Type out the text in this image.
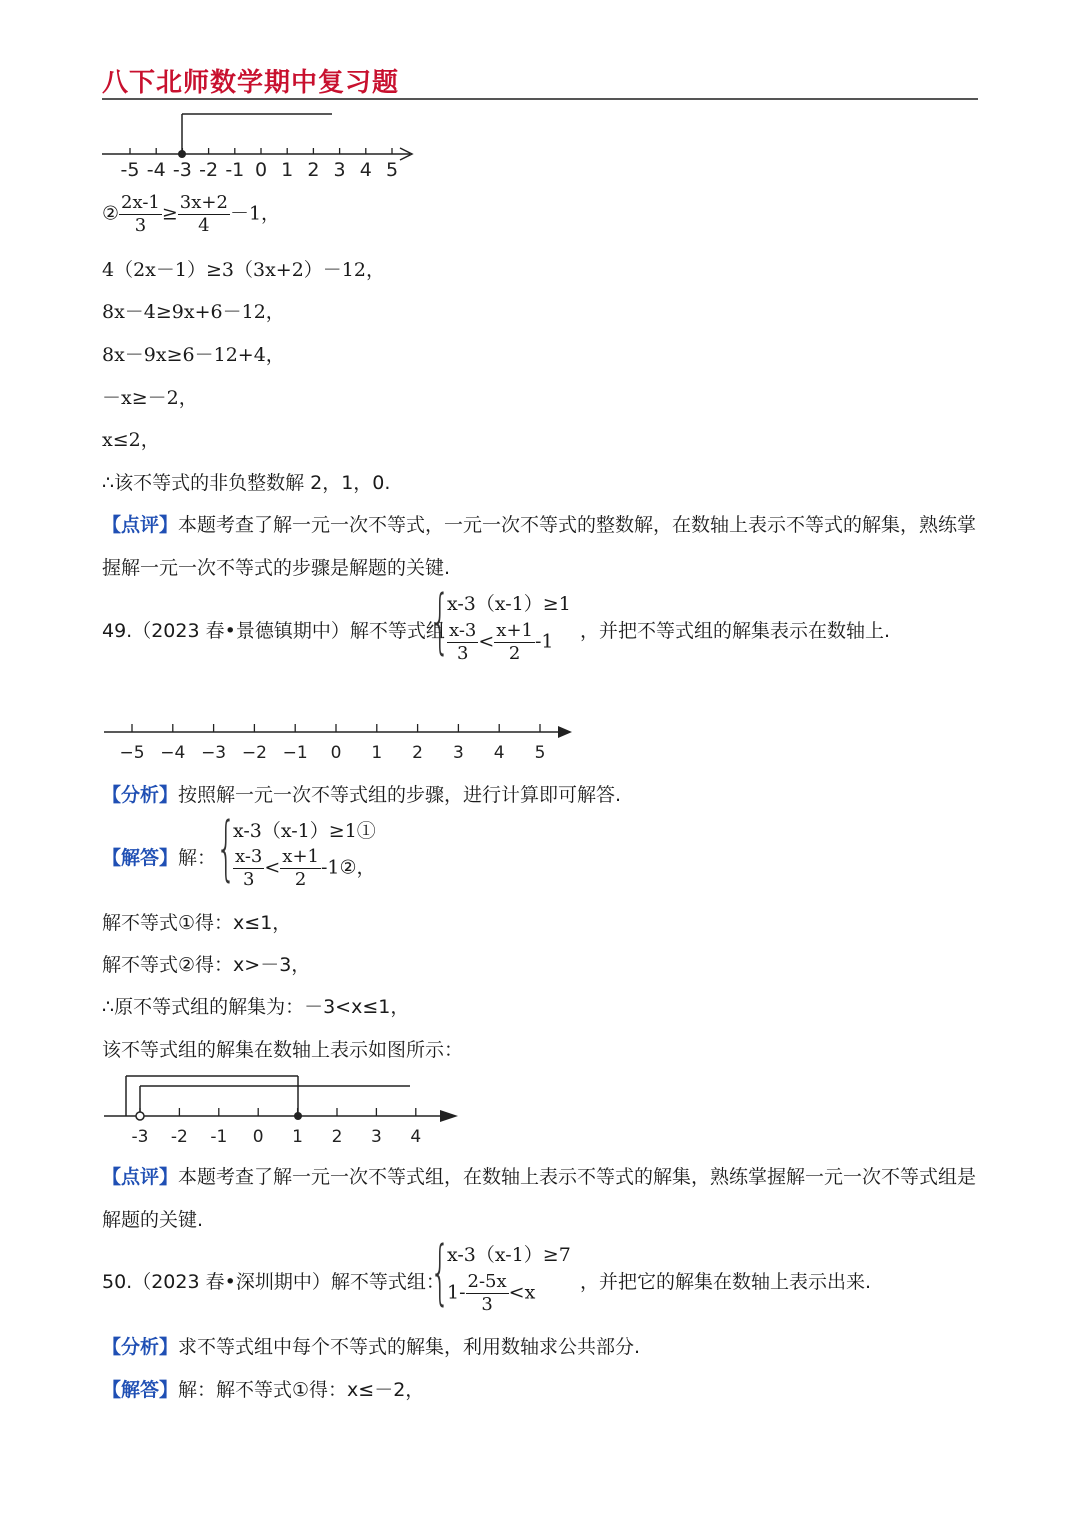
八下北师数学期中复习题
-5 -4 -3 -2 -1 0 1 2 3 4 5
② $\frac{2x-1}{3} \ge \frac{3x+2}{4} -1$，
4（2x－1）≥3（3x+2）－12，
8x－4≥9x+6－12，
8x－9x≥6－12+4，
－x≥－2，
x≤2，
∴该不等式的非负整数解 2，1，0.
【点评】本题考查了解一元一次不等式，一元一次不等式的整数解，在数轴上表示不等式的解集，熟练掌
握解一元一次不等式的步骤是解题的关键.
49.（2023 春•景德镇期中）解不等式组
{
x-3（x-1）≥1
$\frac{x-3}{3} < \frac{x+1}{2} -1$ ，并把不等式组的解集表示在数轴上.
−5 −4 −3 −2 −1 0 1 2 3 4 5
【分析】按照解一元一次不等式组的步骤，进行计算即可解答.
【解答】解： {
x-3（x-1）≥1①
$\frac{x-3}{3} < \frac{x+1}{2}$ -1②，
解不等式①得：x≤1，
解不等式②得：x>－3，
∴原不等式组的解集为：－3<x≤1，
该不等式组的解集在数轴上表示如图所示：
-3 -2 -1 0 1 2 3 4
【点评】本题考查了解一元一次不等式组，在数轴上表示不等式的解集，熟练掌握解一元一次不等式组是
解题的关键.
50.（2023 春•深圳期中）解不等式组：
{
x-3（x-1）≥7
$1- \frac{2-5x}{3} <x$ ，并把它的解集在数轴上表示出来.
【分析】求不等式组中每个不等式的解集，利用数轴求公共部分.
【解答】解：解不等式①得：x≤－2，
